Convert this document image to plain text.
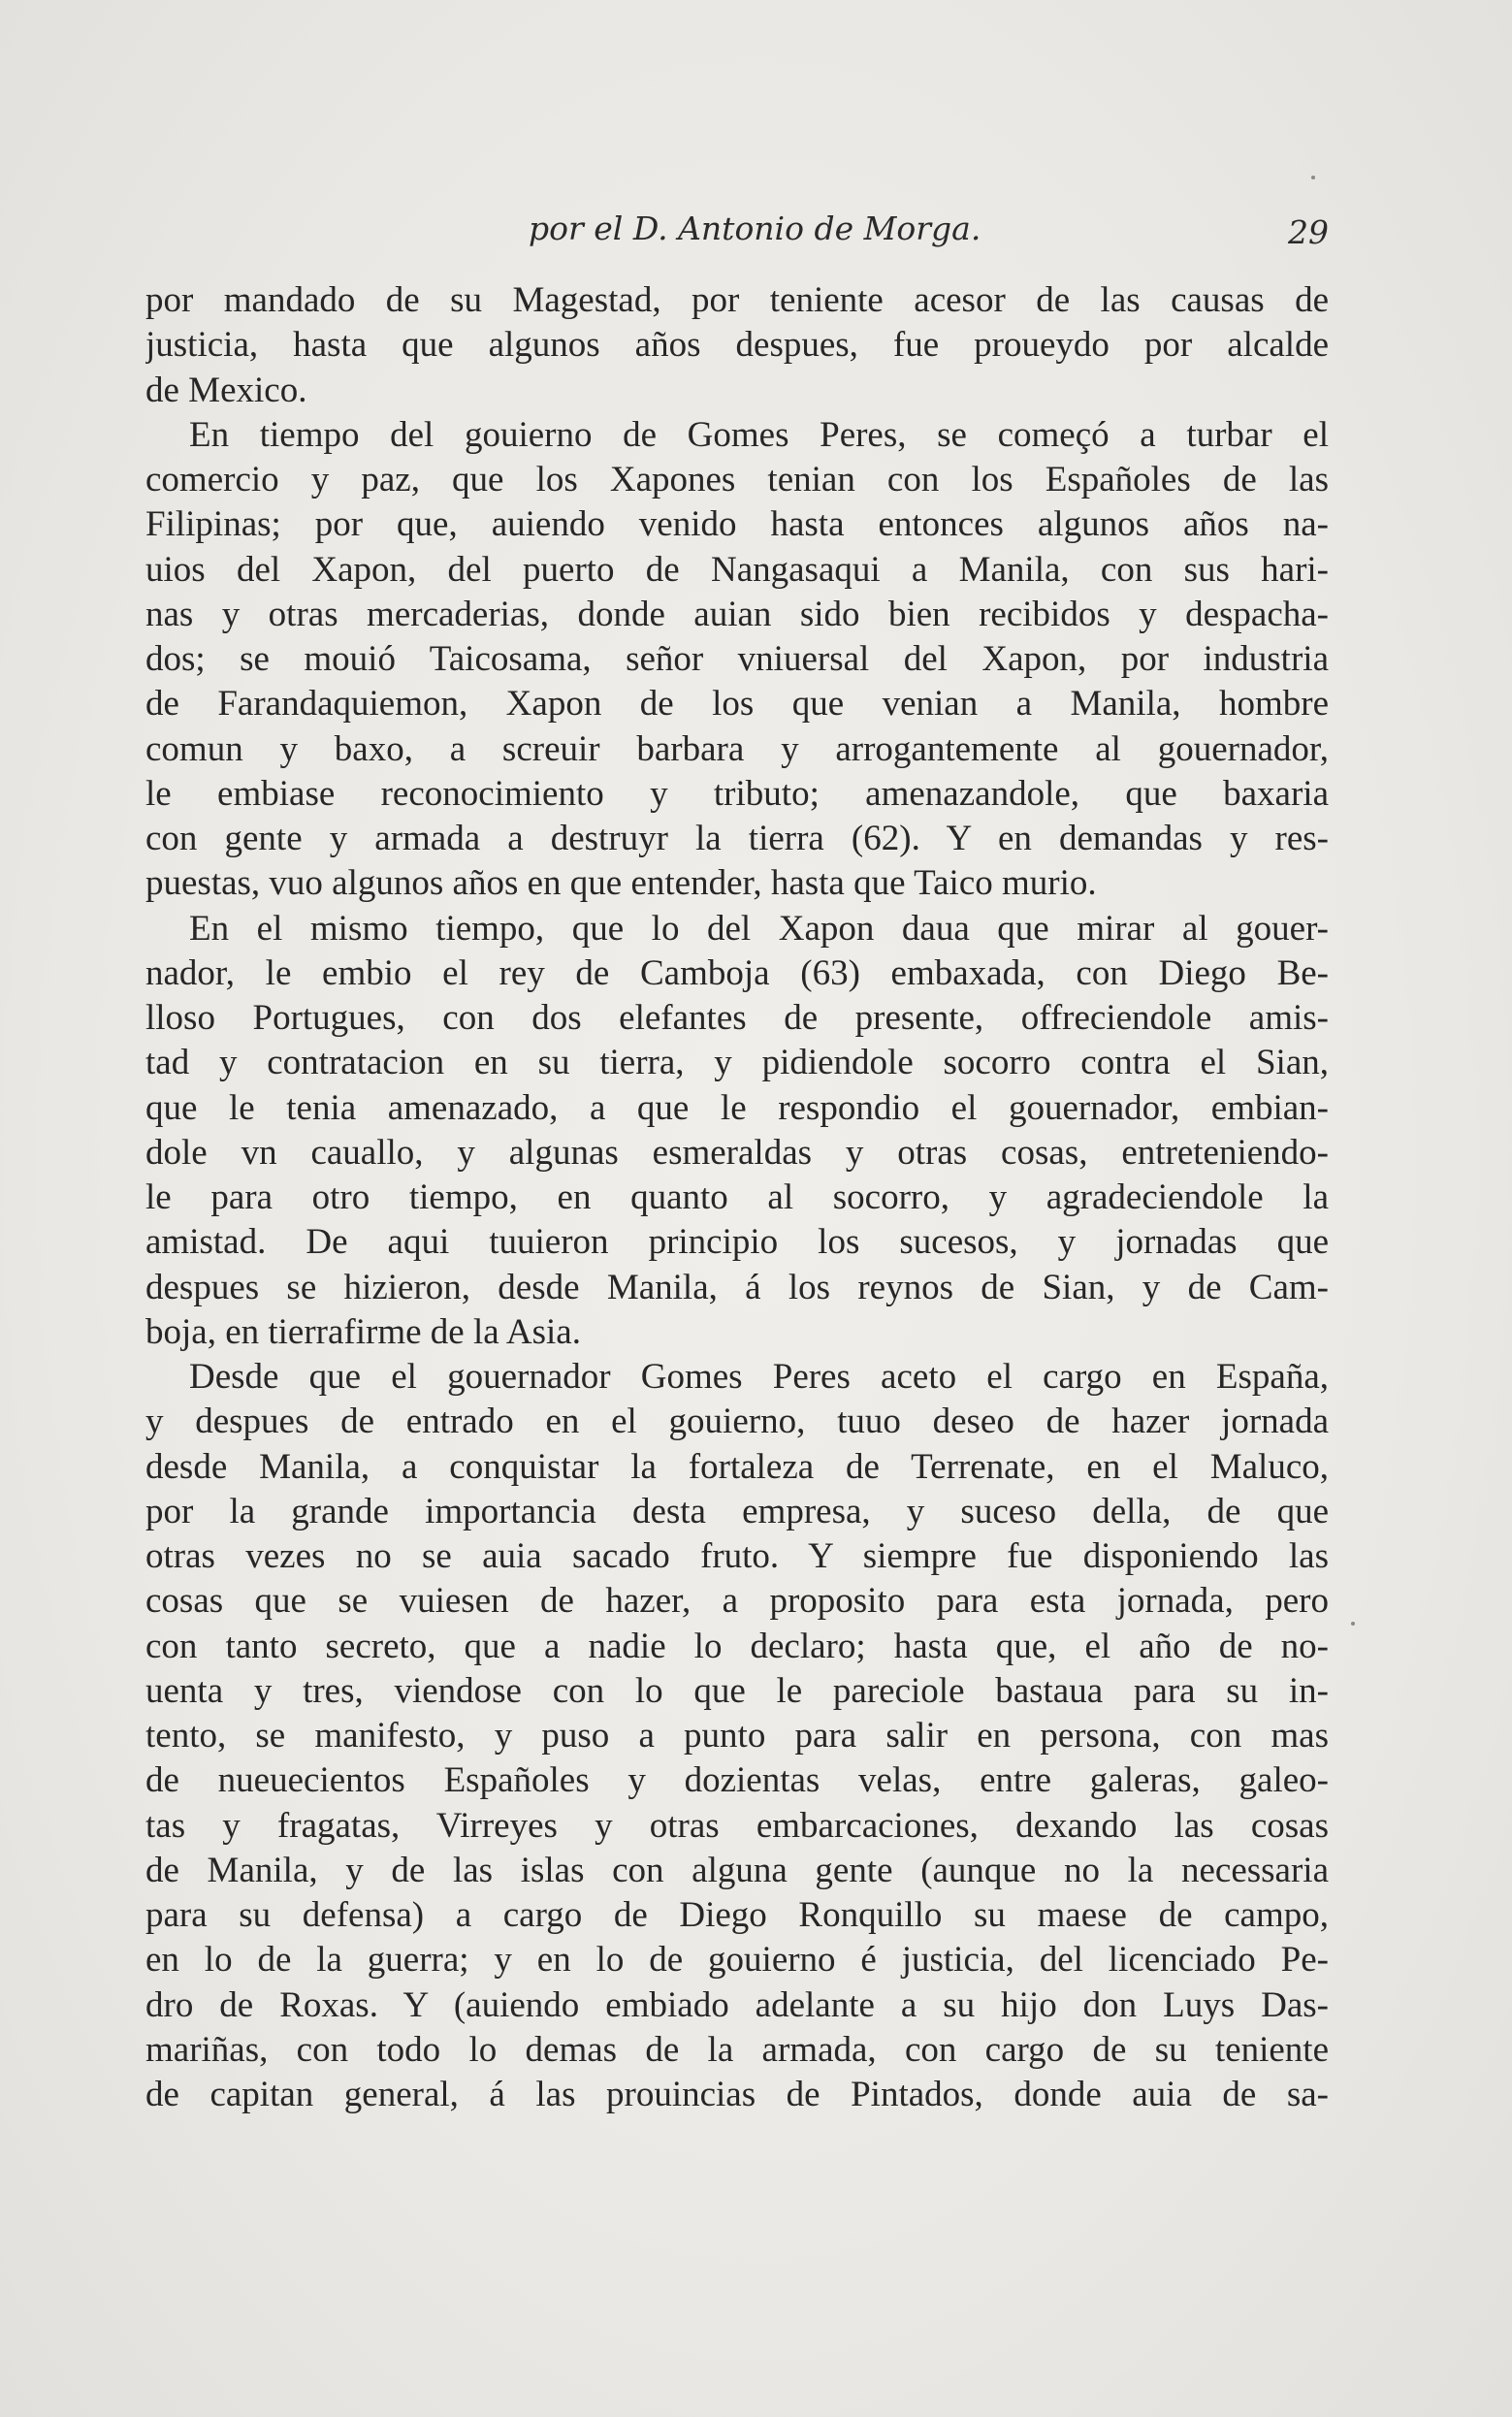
por el D. Antonio de Morga.	29
por mandado de su Magestad, por teniente acesor de las causas de
justicia, hasta que algunos años despues, fue proueydo por alcalde
de Mexico.
En tiempo del gouierno de Gomes Peres, se começó a turbar el
comercio y paz, que los Xapones tenian con los Españoles de las
Filipinas; por que, auiendo venido hasta entonces algunos años na-
uios del Xapon, del puerto de Nangasaqui a Manila, con sus hari-
nas y otras mercaderias, donde auian sido bien recibidos y despacha-
dos; se mouió Taicosama, señor vniuersal del Xapon, por industria
de Farandaquiemon, Xapon de los que venian a Manila, hombre
comun y baxo, a screuir barbara y arrogantemente al gouernador,
le embiase reconocimiento y tributo; amenazandole, que baxaria
con gente y armada a destruyr la tierra (62). Y en demandas y res-
puestas, vuo algunos años en que entender, hasta que Taico murio.
En el mismo tiempo, que lo del Xapon daua que mirar al gouer-
nador, le embio el rey de Camboja (63) embaxada, con Diego Be-
lloso Portugues, con dos elefantes de presente, offreciendole amis-
tad y contratacion en su tierra, y pidiendole socorro contra el Sian,
que le tenia amenazado, a que le respondio el gouernador, embian-
dole vn cauallo, y algunas esmeraldas y otras cosas, entreteniendo-
le para otro tiempo, en quanto al socorro, y agradeciendole la
amistad. De aqui tuuieron principio los sucesos, y jornadas que
despues se hizieron, desde Manila, á los reynos de Sian, y de Cam-
boja, en tierrafirme de la Asia.
Desde que el gouernador Gomes Peres aceto el cargo en España,
y despues de entrado en el gouierno, tuuo deseo de hazer jornada
desde Manila, a conquistar la fortaleza de Terrenate, en el Maluco,
por la grande importancia desta empresa, y suceso della, de que
otras vezes no se auia sacado fruto. Y siempre fue disponiendo las
cosas que se vuiesen de hazer, a proposito para esta jornada, pero
con tanto secreto, que a nadie lo declaro; hasta que, el año de no-
uenta y tres, viendose con lo que le pareciole bastaua para su in-
tento, se manifesto, y puso a punto para salir en persona, con mas
de nueuecientos Españoles y dozientas velas, entre galeras, galeo-
tas y fragatas, Virreyes y otras embarcaciones, dexando las cosas
de Manila, y de las islas con alguna gente (aunque no la necessaria
para su defensa) a cargo de Diego Ronquillo su maese de campo,
en lo de la guerra; y en lo de gouierno é justicia, del licenciado Pe-
dro de Roxas. Y (auiendo embiado adelante a su hijo don Luys Das-
mariñas, con todo lo demas de la armada, con cargo de su teniente
de capitan general, á las prouincias de Pintados, donde auia de sa-
